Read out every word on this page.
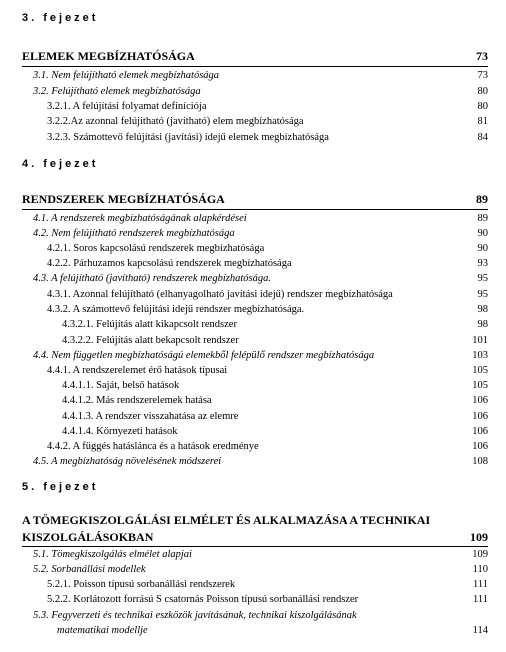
3. fejezet
ELEMEK MEGBÍZHATÓSÁGA	73
3.1. Nem felújítható elemek megbízhatósága	73
3.2. Felújítható elemek megbízhatósága	80
3.2.1. A felújítási folyamat definíciója	80
3.2.2.Az azonnal felújítható (javítható) elem megbízhatósága	81
3.2.3. Számottevő felújítási (javítási) idejű elemek megbízhatósága	84
4. fejezet
RENDSZEREK MEGBÍZHATÓSÁGA	89
4.1. A rendszerek megbízhatóságának alapkérdései	89
4.2. Nem felújítható rendszerek megbízhatósága	90
4.2.1. Soros kapcsolású rendszerek megbízhatósága	90
4.2.2. Párhuzamos kapcsolású rendszerek megbízhatósága	93
4.3. A felújítható (javítható) rendszerek megbízhatósága.	95
4.3.1. Azonnal felújítható (elhanyagolható javítási idejű) rendszer megbízhatósága	95
4.3.2. A számottevő felújítási idejű rendszer megbízhatósága.	98
4.3.2.1. Felújítás alatt kikapcsolt rendszer	98
4.3.2.2. Felújítás alatt bekapcsolt rendszer	101
4.4. Nem független megbízhatóságú elemekből felépülő rendszer megbízhatósága	103
4.4.1. A rendszerelemet érő hatások típusai	105
4.4.1.1. Saját, belső hatások	105
4.4.1.2. Más rendszerelemek hatása	106
4.4.1.3. A rendszer visszahatása az elemre	106
4.4.1.4. Környezeti hatások	106
4.4.2. A függés hatáslánca és a hatások eredménye	106
4.5. A megbízhatóság növelésének módszerei	108
5. fejezet
A TÖMEGKISZOLGÁLÁSI ELMÉLET ÉS ALKALMAZÁSA A TECHNIKAI
KISZOLGÁLÁSOKBAN	109
5.1. Tömegkiszolgálás elmélet alapjai	109
5.2. Sorbanállási modellek	110
5.2.1. Poisson típusú sorbanállási rendszerek	111
5.2.2. Korlátozott forrású S csatornás Poisson típusú sorbanállási rendszer	111
5.3. Fegyverzeti és technikai eszközök javításának, technikai kiszolgálásának
matematikai modellje	114
